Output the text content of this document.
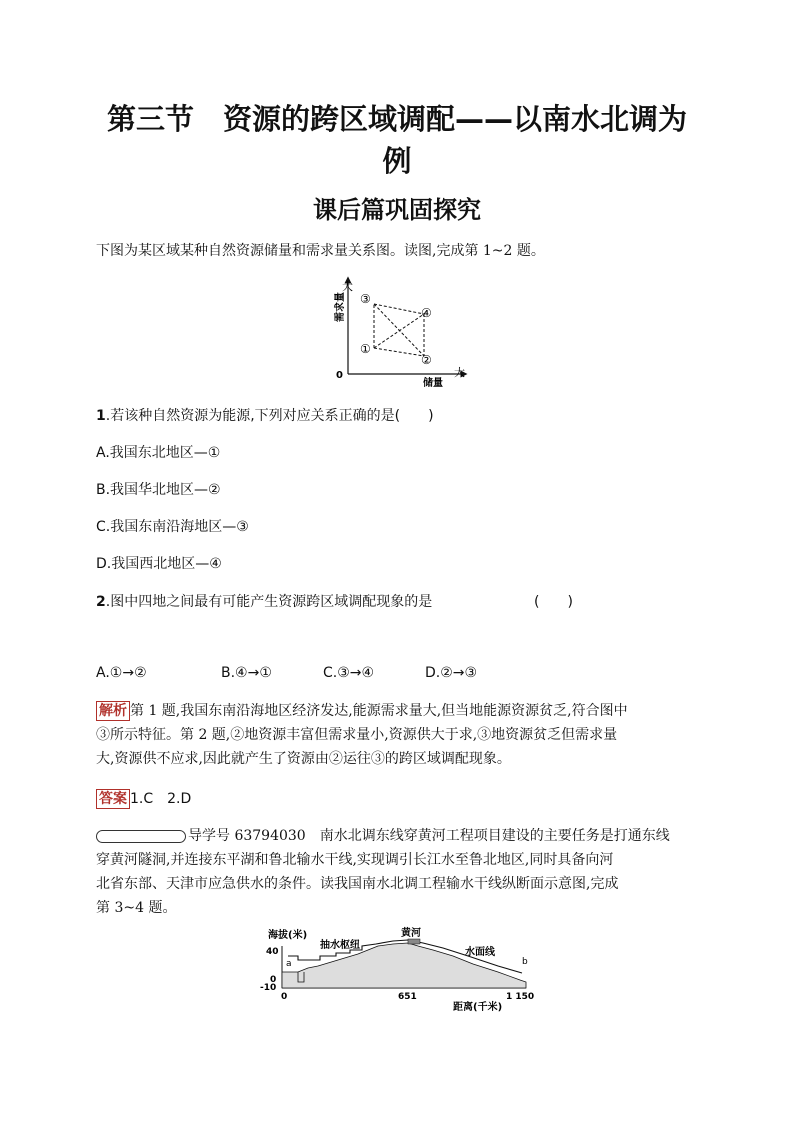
第三节　资源的跨区域调配——以南水北调为
例
课后篇巩固探究
下图为某区域某种自然资源储量和需求量关系图。读图,完成第 1~2 题。
大
大
0
储量
需求量
①
②
③
④
1.若该种自然资源为能源,下列对应关系正确的是(　　)
A.我国东北地区—①
B.我国华北地区—②
C.我国东南沿海地区—③
D.我国西北地区—④
2.图中四地之间最有可能产生资源跨区域调配现象的是	(　　)
A.①→②	B.④→①	C.③→④	D.②→③
解析 第 1 题,我国东南沿海地区经济发达,能源需求量大,但当地能源资源贫乏,符合图中
③所示特征。第 2 题,②地资源丰富但需求量小,资源供大于求,③地资源贫乏但需求量
大,资源供不应求,因此就产生了资源由②运往③的跨区域调配现象。
答案 1.C　2.D
导学号 63794030　南水北调东线穿黄河工程项目建设的主要任务是打通东线
穿黄河隧洞,并连接东平湖和鲁北输水干线,实现调引长江水至鲁北地区,同时具备向河
北省东部、天津市应急供水的条件。读我国南水北调工程输水干线纵断面示意图,完成
第 3~4 题。
海拔(米)
40
0
-10
a	b
抽水枢纽
黄河
水面线
0	651	1 150
距离(千米)
